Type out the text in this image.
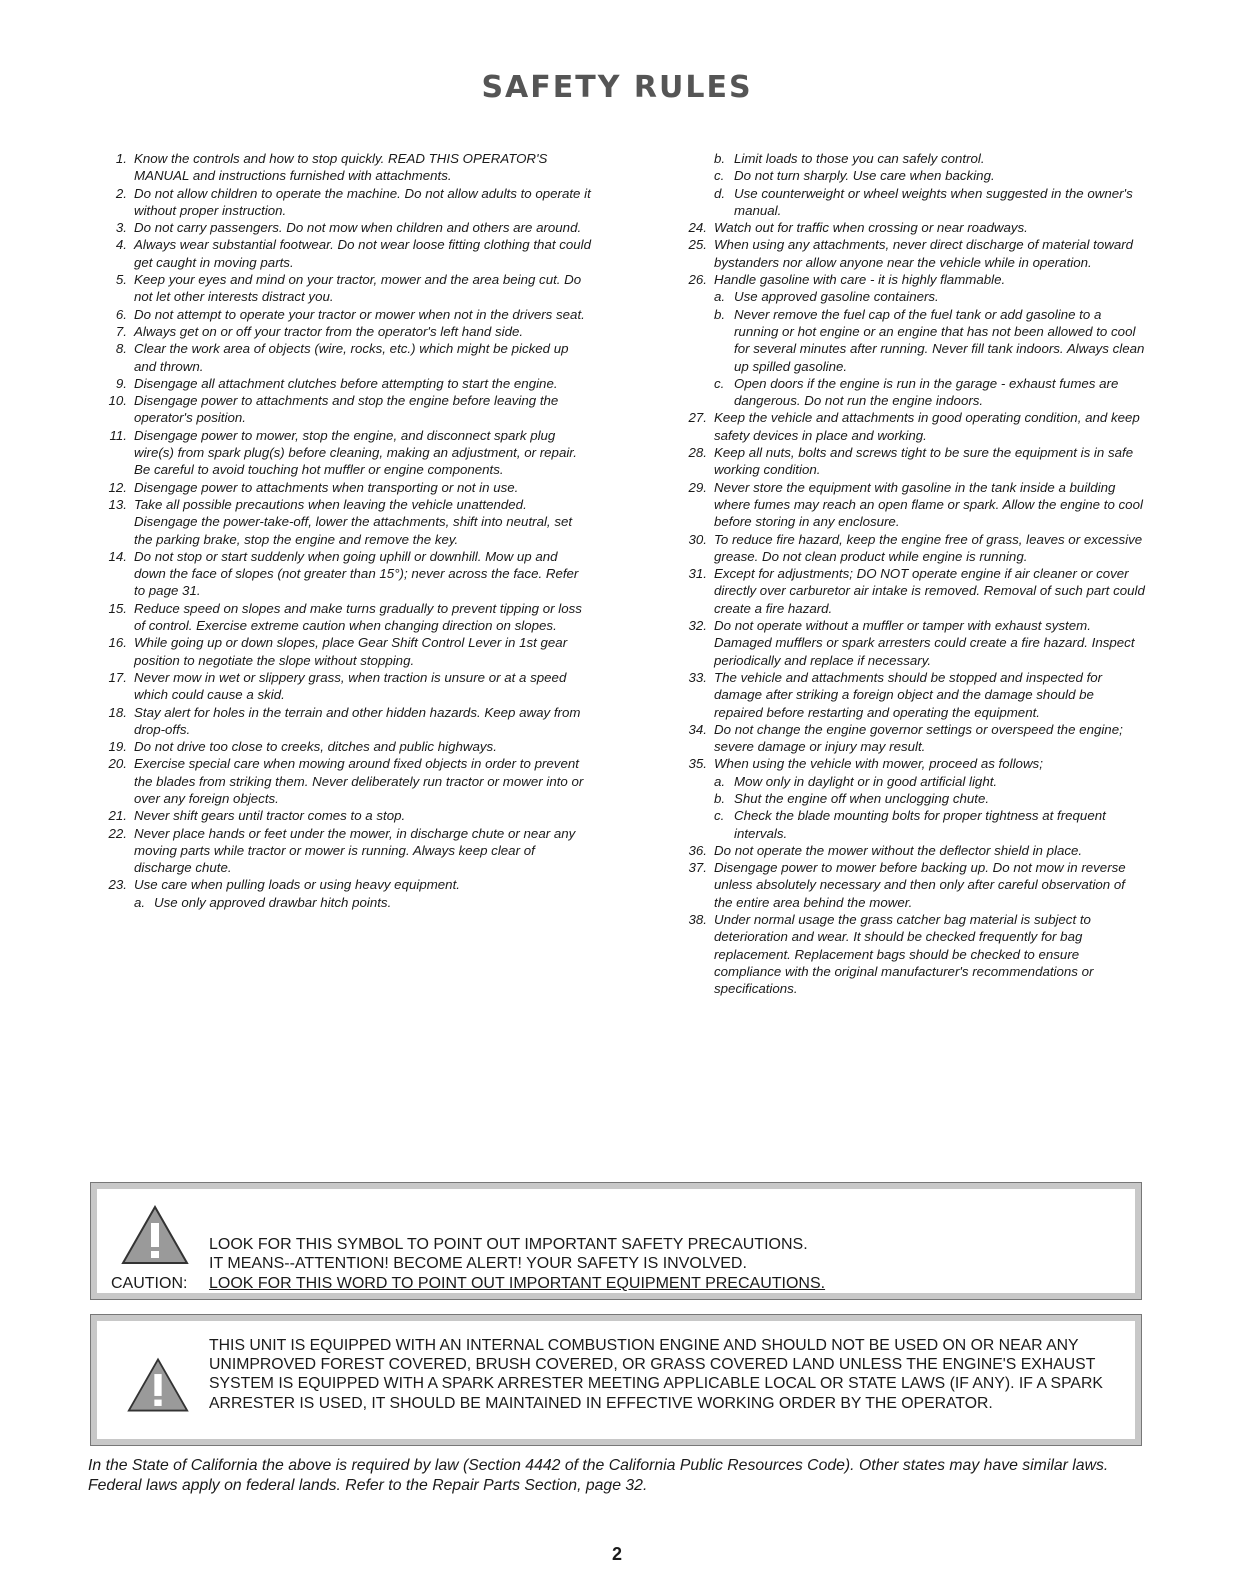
SAFETY RULES
1. Know the controls and how to stop quickly. READ THIS OPERATOR'S MANUAL and instructions furnished with attachments.
2. Do not allow children to operate the machine. Do not allow adults to operate it without proper instruction.
3. Do not carry passengers. Do not mow when children and others are around.
4. Always wear substantial footwear. Do not wear loose fitting clothing that could get caught in moving parts.
5. Keep your eyes and mind on your tractor, mower and the area being cut. Do not let other interests distract you.
6. Do not attempt to operate your tractor or mower when not in the drivers seat.
7. Always get on or off your tractor from the operator's left hand side.
8. Clear the work area of objects (wire, rocks, etc.) which might be picked up and thrown.
9. Disengage all attachment clutches before attempting to start the engine.
10. Disengage power to attachments and stop the engine before leaving the operator's position.
11. Disengage power to mower, stop the engine, and disconnect spark plug wire(s) from spark plug(s) before cleaning, making an adjustment, or repair. Be careful to avoid touching hot muffler or engine components.
12. Disengage power to attachments when transporting or not in use.
13. Take all possible precautions when leaving the vehicle unattended. Disengage the power-take-off, lower the attachments, shift into neutral, set the parking brake, stop the engine and remove the key.
14. Do not stop or start suddenly when going uphill or downhill. Mow up and down the face of slopes (not greater than 15°); never across the face. Refer to page 31.
15. Reduce speed on slopes and make turns gradually to prevent tipping or loss of control. Exercise extreme caution when changing direction on slopes.
16. While going up or down slopes, place Gear Shift Control Lever in 1st gear position to negotiate the slope without stopping.
17. Never mow in wet or slippery grass, when traction is unsure or at a speed which could cause a skid.
18. Stay alert for holes in the terrain and other hidden hazards. Keep away from drop-offs.
19. Do not drive too close to creeks, ditches and public highways.
20. Exercise special care when mowing around fixed objects in order to prevent the blades from striking them. Never deliberately run tractor or mower into or over any foreign objects.
21. Never shift gears until tractor comes to a stop.
22. Never place hands or feet under the mower, in discharge chute or near any moving parts while tractor or mower is running. Always keep clear of discharge chute.
23. Use care when pulling loads or using heavy equipment.
a. Use only approved drawbar hitch points.
b. Limit loads to those you can safely control.
c. Do not turn sharply. Use care when backing.
d. Use counterweight or wheel weights when suggested in the owner's manual.
24. Watch out for traffic when crossing or near roadways.
25. When using any attachments, never direct discharge of material toward bystanders nor allow anyone near the vehicle while in operation.
26. Handle gasoline with care - it is highly flammable.
a. Use approved gasoline containers.
b. Never remove the fuel cap of the fuel tank or add gasoline to a running or hot engine or an engine that has not been allowed to cool for several minutes after running. Never fill tank indoors. Always clean up spilled gasoline.
c. Open doors if the engine is run in the garage - exhaust fumes are dangerous. Do not run the engine indoors.
27. Keep the vehicle and attachments in good operating condition, and keep safety devices in place and working.
28. Keep all nuts, bolts and screws tight to be sure the equipment is in safe working condition.
29. Never store the equipment with gasoline in the tank inside a building where fumes may reach an open flame or spark. Allow the engine to cool before storing in any enclosure.
30. To reduce fire hazard, keep the engine free of grass, leaves or excessive grease. Do not clean product while engine is running.
31. Except for adjustments; DO NOT operate engine if air cleaner or cover directly over carburetor air intake is removed. Removal of such part could create a fire hazard.
32. Do not operate without a muffler or tamper with exhaust system. Damaged mufflers or spark arresters could create a fire hazard. Inspect periodically and replace if necessary.
33. The vehicle and attachments should be stopped and inspected for damage after striking a foreign object and the damage should be repaired before restarting and operating the equipment.
34. Do not change the engine governor settings or overspeed the engine; severe damage or injury may result.
35. When using the vehicle with mower, proceed as follows;
a. Mow only in daylight or in good artificial light.
b. Shut the engine off when unclogging chute.
c. Check the blade mounting bolts for proper tightness at frequent intervals.
36. Do not operate the mower without the deflector shield in place.
37. Disengage power to mower before backing up. Do not mow in reverse unless absolutely necessary and then only after careful observation of the entire area behind the mower.
38. Under normal usage the grass catcher bag material is subject to deterioration and wear. It should be checked frequently for bag replacement. Replacement bags should be checked to ensure compliance with the original manufacturer's recommendations or specifications.
LOOK FOR THIS SYMBOL TO POINT OUT IMPORTANT SAFETY PRECAUTIONS.
IT MEANS--ATTENTION! BECOME ALERT! YOUR SAFETY IS INVOLVED.
CAUTION:	LOOK FOR THIS WORD TO POINT OUT IMPORTANT EQUIPMENT PRECAUTIONS.
THIS UNIT IS EQUIPPED WITH AN INTERNAL COMBUSTION ENGINE AND SHOULD NOT BE USED ON OR NEAR ANY UNIMPROVED FOREST COVERED, BRUSH COVERED, OR GRASS COVERED LAND UNLESS THE ENGINE'S EXHAUST SYSTEM IS EQUIPPED WITH A SPARK ARRESTER MEETING APPLICABLE LOCAL OR STATE LAWS (IF ANY). IF A SPARK ARRESTER IS USED, IT SHOULD BE MAINTAINED IN EFFECTIVE WORKING ORDER BY THE OPERATOR.
In the State of California the above is required by law (Section 4442 of the California Public Resources Code). Other states may have similar laws. Federal laws apply on federal lands. Refer to the Repair Parts Section, page 32.
2
